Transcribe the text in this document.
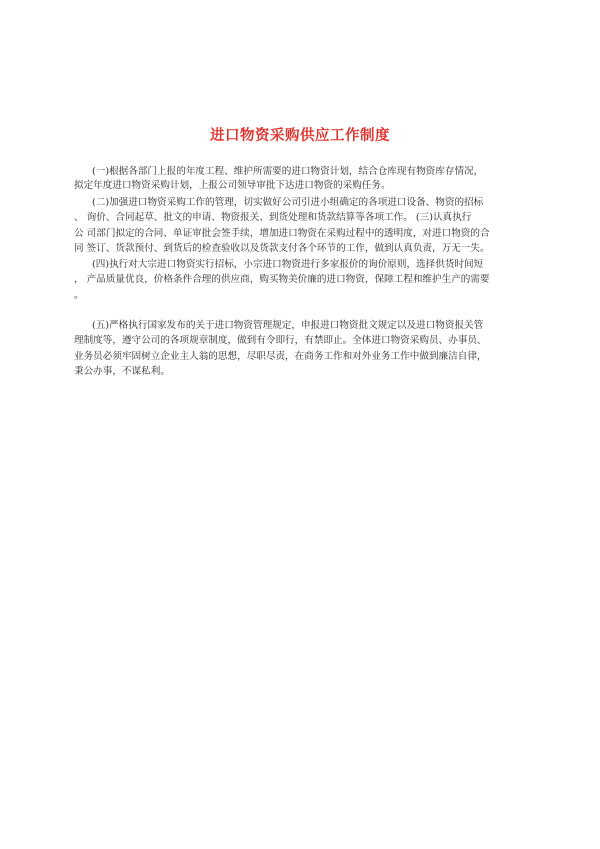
进口物资采购供应工作制度
(一)根据各部门上报的年度工程、维护所需要的进口物资计划，结合仓库现有物资库存情况，
拟定年度进口物资采购计划，上报公司领导审批下达进口物资的采购任务。
(二)加强进口物资采购工作的管理，切实做好公司引进小组确定的各项进口设备、物资的招标
、 询价、合同起草、批文的申请、物资报关、到货处理和货款结算等各项工作。 (三)认真执行
公 司部门拟定的合同、单证审批会签手续，增加进口物资在采购过程中的透明度，对进口物资的合
同 签订、货款预付、到货后的检查验收以及货款支付各个环节的工作，做到认真负责，万无一失。
(四)执行对大宗进口物资实行招标，小宗进口物资进行多家报价的询价原则，选择供货时间短
， 产品质量优良，价格条件合理的供应商，购买物美价廉的进口物资，保障工程和维护生产的需要
。
(五)严格执行国家发布的关于进口物资管理规定，申报进口物资批文规定以及进口物资报关管
理制度等，遵守公司的各项规章制度，做到有令即行，有禁即止。全体进口物资采购员、办事员、
业务员必须牢固树立企业主人翁的思想，尽职尽责，在商务工作和对外业务工作中做到廉洁自律，
秉公办事，不谋私利。
